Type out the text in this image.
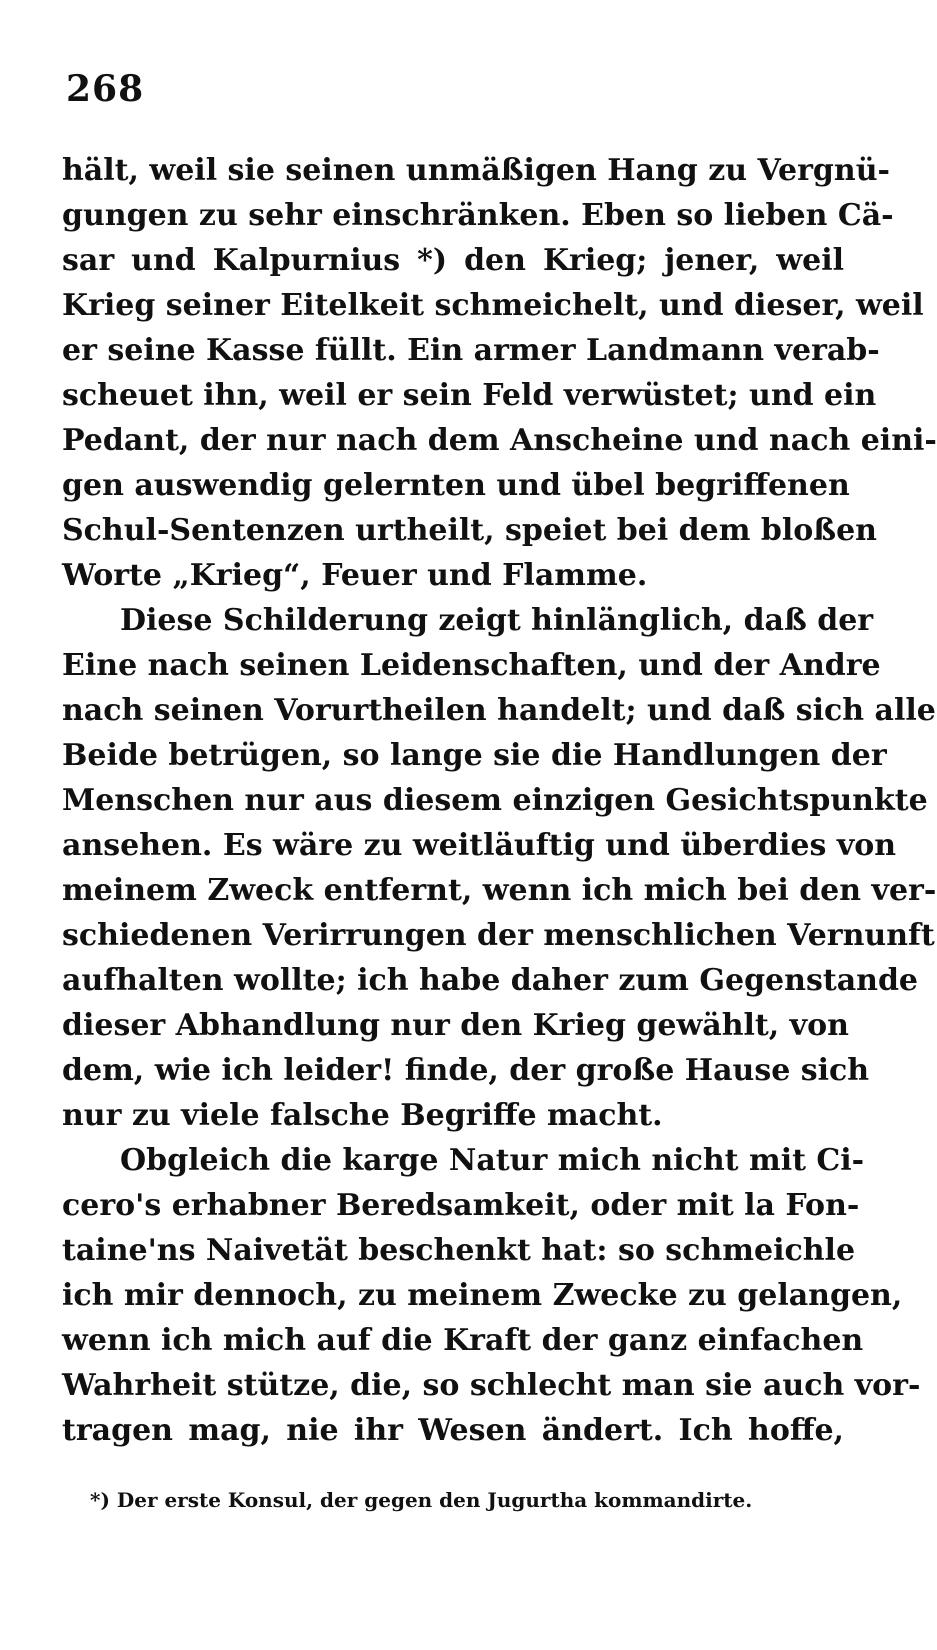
268
hält, weil sie seinen unmäßigen Hang zu Vergnü-
gungen zu sehr einschränken. Eben so lieben Cä-
sar und Kalpurnius *) den Krieg; jener, weil
Krieg seiner Eitelkeit schmeichelt, und dieser, weil
er seine Kasse füllt. Ein armer Landmann verab-
scheuet ihn, weil er sein Feld verwüstet; und ein
Pedant, der nur nach dem Anscheine und nach eini-
gen auswendig gelernten und übel begriffenen
Schul-Sentenzen urtheilt, speiet bei dem bloßen
Worte „Krieg“, Feuer und Flamme.
Diese Schilderung zeigt hinlänglich, daß der
Eine nach seinen Leidenschaften, und der Andre
nach seinen Vorurtheilen handelt; und daß sich alle
Beide betrügen, so lange sie die Handlungen der
Menschen nur aus diesem einzigen Gesichtspunkte
ansehen. Es wäre zu weitläuftig und überdies von
meinem Zweck entfernt, wenn ich mich bei den ver-
schiedenen Verirrungen der menschlichen Vernunft
aufhalten wollte; ich habe daher zum Gegenstande
dieser Abhandlung nur den Krieg gewählt, von
dem, wie ich leider! finde, der große Hause sich
nur zu viele falsche Begriffe macht.
Obgleich die karge Natur mich nicht mit Ci-
cero's erhabner Beredsamkeit, oder mit la Fon-
taine'ns Naivetät beschenkt hat: so schmeichle
ich mir dennoch, zu meinem Zwecke zu gelangen,
wenn ich mich auf die Kraft der ganz einfachen
Wahrheit stütze, die, so schlecht man sie auch vor-
tragen mag, nie ihr Wesen ändert. Ich hoffe,
*) Der erste Konsul, der gegen den Jugurtha kommandirte.
